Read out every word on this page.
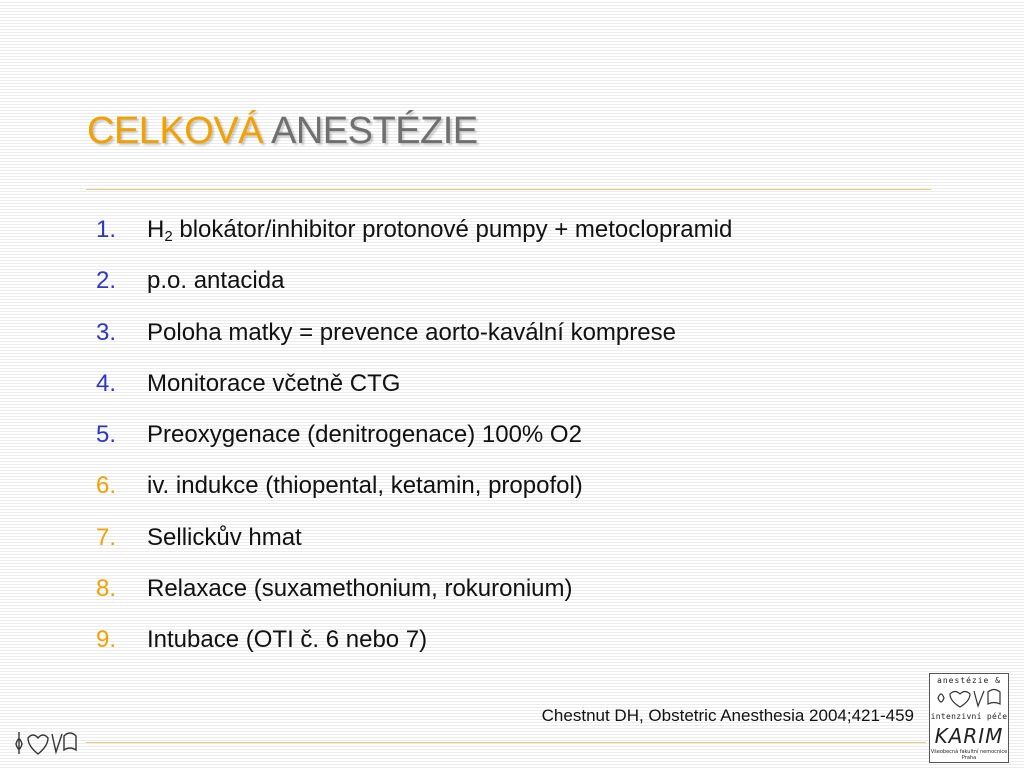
CELKOVÁ ANESTÉZIE
1.	$H_2$ blokátor/inhibitor protonové pumpy + metoclopramid
2.	p.o. antacida
3.	Poloha matky = prevence aorto-kavální komprese
4.	Monitorace včetně CTG
5.	Preoxygenace (denitrogenace) 100% O2
6.	iv. indukce (thiopental, ketamin, propofol)
7.	Sellickův hmat
8.	Relaxace (suxamethonium, rokuronium)
9.	Intubace (OTI č. 6 nebo 7)
Chestnut DH, Obstetric Anesthesia 2004;421-459
anestézie &
intenzivní péče
KARIM
Všeobecná fakultní nemocnice Praha
